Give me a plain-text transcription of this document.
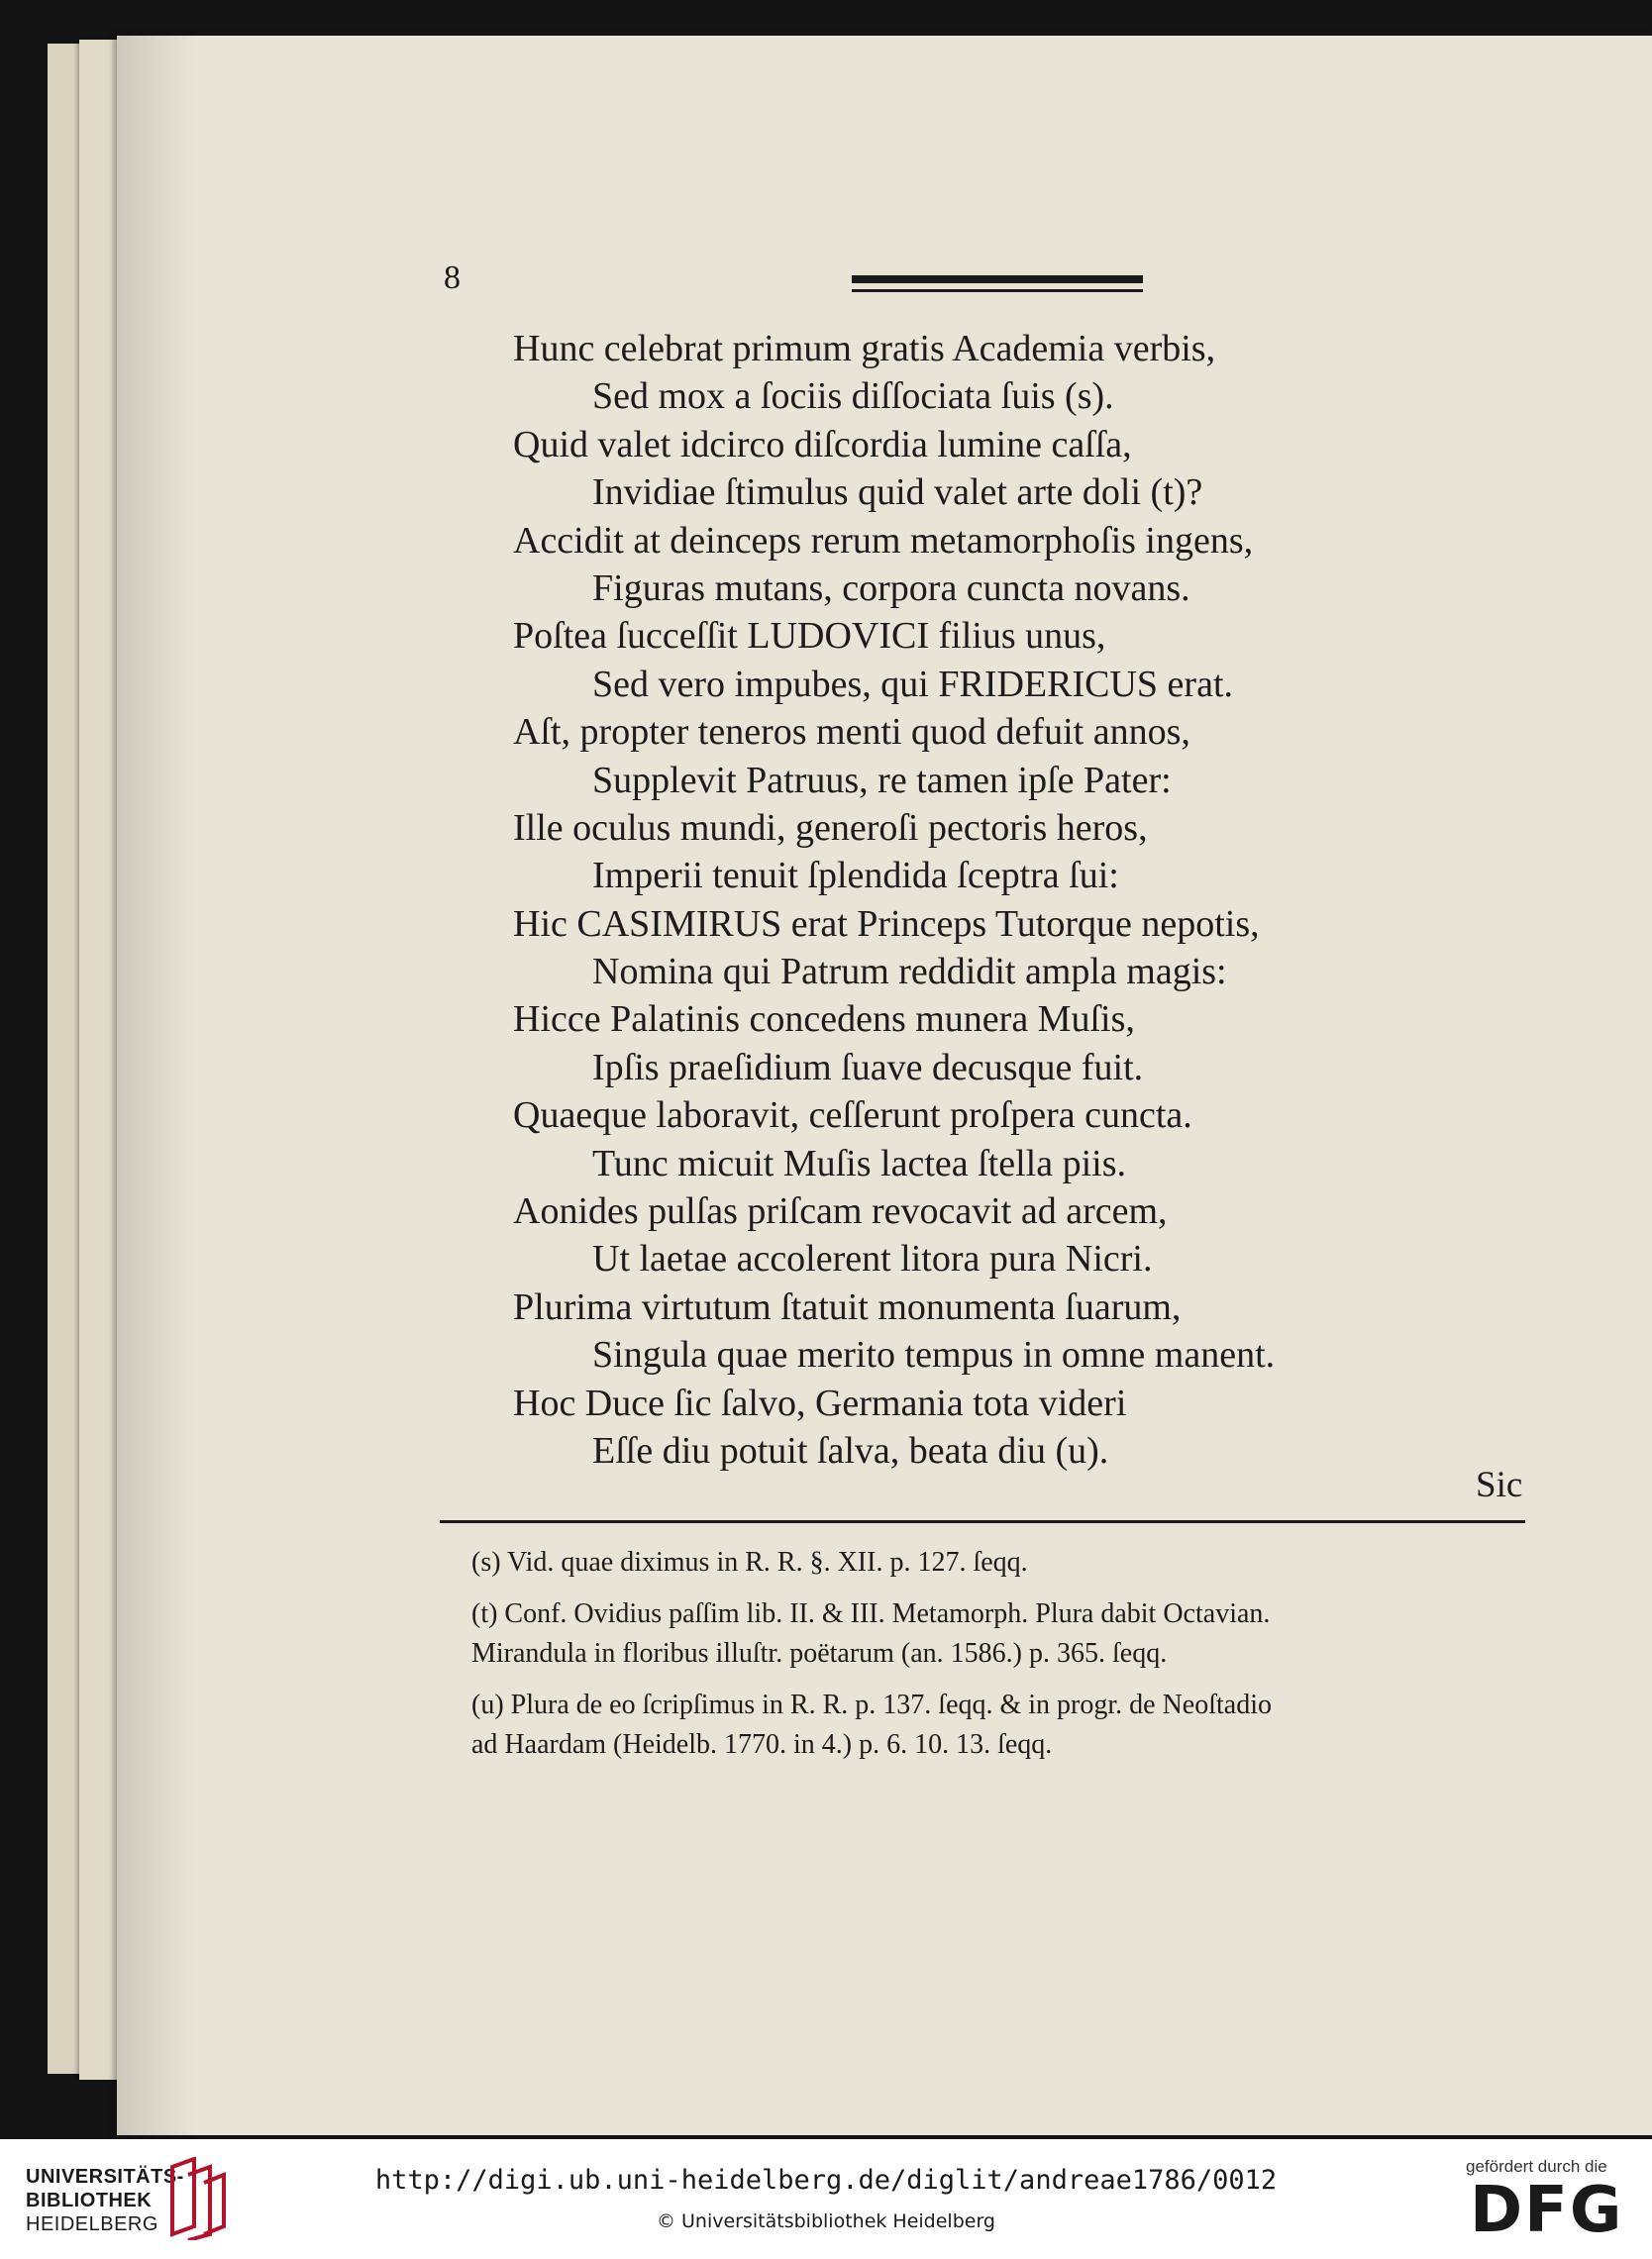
8
Hunc celebrat primum gratis Academia verbis,
Sed mox a ſociis diſſociata ſuis (s).
Quid valet idcirco diſcordia lumine caſſa,
Invidiae ſtimulus quid valet arte doli (t)?
Accidit at deinceps rerum metamorphoſis ingens,
Figuras mutans, corpora cuncta novans.
Poſtea ſucceſſit LUDOVICI filius unus,
Sed vero impubes, qui FRIDERICUS erat.
Aſt, propter teneros menti quod defuit annos,
Supplevit Patruus, re tamen ipſe Pater:
Ille oculus mundi, generoſi pectoris heros,
Imperii tenuit ſplendida ſceptra ſui:
Hic CASIMIRUS erat Princeps Tutorque nepotis,
Nomina qui Patrum reddidit ampla magis:
Hicce Palatinis concedens munera Muſis,
Ipſis praeſidium ſuave decusque fuit.
Quaeque laboravit, ceſſerunt proſpera cuncta.
Tunc micuit Muſis lactea ſtella piis.
Aonides pulſas priſcam revocavit ad arcem,
Ut laetae accolerent litora pura Nicri.
Plurima virtutum ſtatuit monumenta ſuarum,
Singula quae merito tempus in omne manent.
Hoc Duce ſic ſalvo, Germania tota videri
Eſſe diu potuit ſalva, beata diu (u).
Sic
(s) Vid. quae diximus in R. R. §. XII. p. 127. ſeqq.
(t) Conf. Ovidius paſſim lib. II. & III. Metamorph. Plura dabit Octavian.
Mirandula in floribus illuſtr. poëtarum (an. 1586.) p. 365. ſeqq.
(u) Plura de eo ſcripſimus in R. R. p. 137. ſeqq. & in progr. de Neoſtadio
ad Haardam (Heidelb. 1770. in 4.) p. 6. 10. 13. ſeqq.
UNIVERSITÄTS-
BIBLIOTHEK
HEIDELBERG
http://digi.ub.uni-heidelberg.de/diglit/andreae1786/0012
© Universitätsbibliothek Heidelberg
gefördert durch die
DFG
